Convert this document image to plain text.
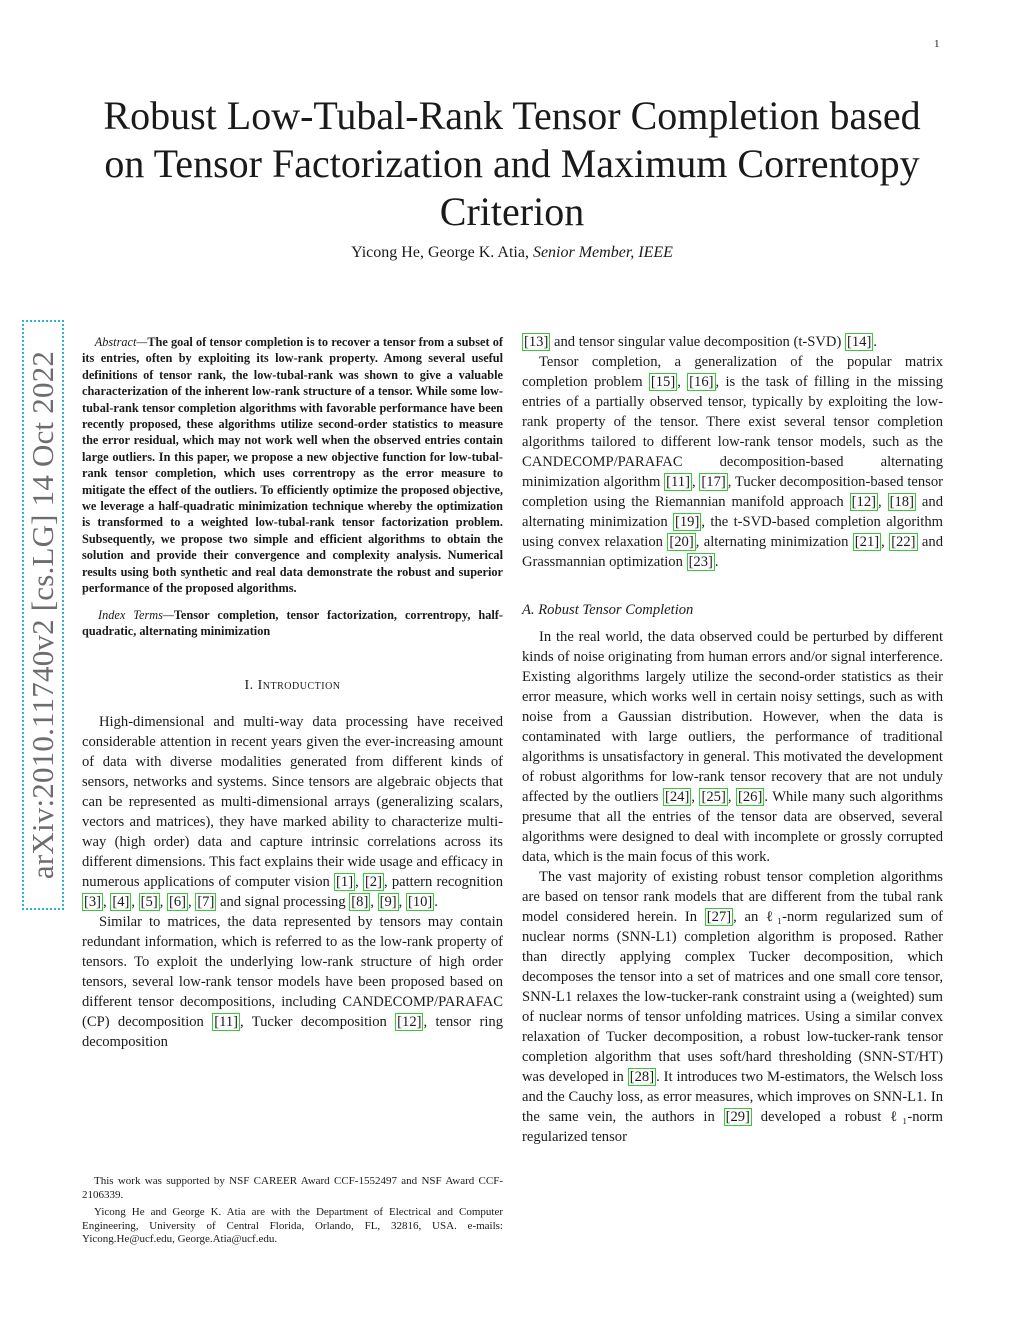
1
arXiv:2010.11740v2 [cs.LG] 14 Oct 2022
Robust Low-Tubal-Rank Tensor Completion based on Tensor Factorization and Maximum Correntopy Criterion
Yicong He, George K. Atia, Senior Member, IEEE

Abstract—The goal of tensor completion is to recover a tensor from a subset of its entries, often by exploiting its low-rank property. Among several useful definitions of tensor rank, the low-tubal-rank was shown to give a valuable characterization of the inherent low-rank structure of a tensor. While some low-tubal-rank tensor completion algorithms with favorable performance have been recently proposed, these algorithms utilize second-order statistics to measure the error residual, which may not work well when the observed entries contain large outliers. In this paper, we propose a new objective function for low-tubal-rank tensor completion, which uses correntropy as the error measure to mitigate the effect of the outliers. To efficiently optimize the proposed objective, we leverage a half-quadratic minimization technique whereby the optimization is transformed to a weighted low-tubal-rank tensor factorization problem. Subsequently, we propose two simple and efficient algorithms to obtain the solution and provide their convergence and complexity analysis. Numerical results using both synthetic and real data demonstrate the robust and superior performance of the proposed algorithms.

Index Terms—Tensor completion, tensor factorization, correntropy, half-quadratic, alternating minimization

I. Introduction

High-dimensional and multi-way data processing have received considerable attention in recent years given the ever-increasing amount of data with diverse modalities generated from different kinds of sensors, networks and systems. Since tensors are algebraic objects that can be represented as multi-dimensional arrays (generalizing scalars, vectors and matrices), they have marked ability to characterize multi-way (high order) data and capture intrinsic correlations across its different dimensions. This fact explains their wide usage and efficacy in numerous applications of computer vision [1] , [2] , pattern recognition [3] , [4] , [5] , [6] , [7] and signal processing [8] , [9] , [10] .

Similar to matrices, the data represented by tensors may contain redundant information, which is referred to as the low-rank property of tensors. To exploit the underlying low-rank structure of high order tensors, several low-rank tensor models have been proposed based on different tensor decompositions, including CANDECOMP/PARAFAC (CP) decomposition [11] , Tucker decomposition [12] , tensor ring decomposition

This work was supported by NSF CAREER Award CCF-1552497 and NSF Award CCF-2106339.

Yicong He and George K. Atia are with the Department of Electrical and Computer Engineering, University of Central Florida, Orlando, FL, 32816, USA. e-mails: Yicong.He@ucf.edu, George.Atia@ucf.edu.

[13] and tensor singular value decomposition (t-SVD) [14] .

Tensor completion, a generalization of the popular matrix completion problem [15] , [16] , is the task of filling in the missing entries of a partially observed tensor, typically by exploiting the low-rank property of the tensor. There exist several tensor completion algorithms tailored to different low-rank tensor models, such as the CANDECOMP/PARAFAC decomposition-based alternating minimization algorithm [11] , [17] , Tucker decomposition-based tensor completion using the Riemannian manifold approach [12] , [18] and alternating minimization [19] , the t-SVD-based completion algorithm using convex relaxation [20] , alternating minimization [21] , [22] and Grassmannian optimization [23] .

A. Robust Tensor Completion

In the real world, the data observed could be perturbed by different kinds of noise originating from human errors and/or signal interference. Existing algorithms largely utilize the second-order statistics as their error measure, which works well in certain noisy settings, such as with noise from a Gaussian distribution. However, when the data is contaminated with large outliers, the performance of traditional algorithms is unsatisfactory in general. This motivated the development of robust algorithms for low-rank tensor recovery that are not unduly affected by the outliers [24] , [25] , [26] . While many such algorithms presume that all the entries of the tensor data are observed, several algorithms were designed to deal with incomplete or grossly corrupted data, which is the main focus of this work.

The vast majority of existing robust tensor completion algorithms are based on tensor rank models that are different from the tubal rank model considered herein. In [27] , an ℓ₁-norm regularized sum of nuclear norms (SNN-L1) completion algorithm is proposed. Rather than directly applying complex Tucker decomposition, which decomposes the tensor into a set of matrices and one small core tensor, SNN-L1 relaxes the low-tucker-rank constraint using a (weighted) sum of nuclear norms of tensor unfolding matrices. Using a similar convex relaxation of Tucker decomposition, a robust low-tucker-rank tensor completion algorithm that uses soft/hard thresholding (SNN-ST/HT) was developed in [28] . It introduces two M-estimators, the Welsch loss and the Cauchy loss, as error measures, which improves on SNN-L1. In the same vein, the authors in [29] developed a robust ℓ₁-norm regularized tensor
